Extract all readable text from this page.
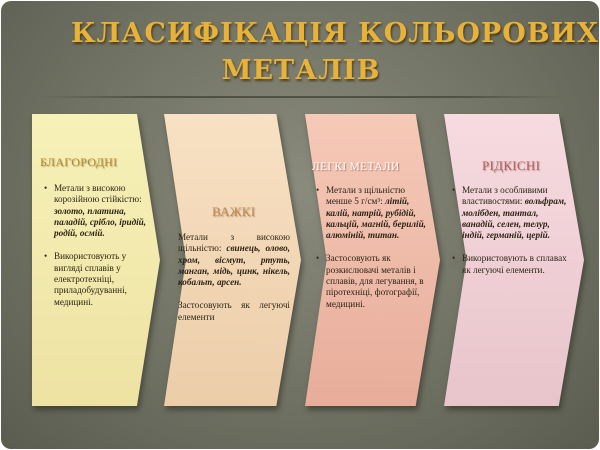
КЛАСИФІКАЦІЯ КОЛЬОРОВИХ
МЕТАЛІВ
БЛАГОРОДНІ
• Метали з високою корозійною стійкістю: золото, платина, паладій, срібло, іридій, родій, осмій.
• Використовують у вигляді сплавів у електротехніці, приладобудуванні, медицині.
ВАЖКІ

Метали з високою щільністю: свинець, олово, хром, вісмут, ртуть, манган, мідь, цинк, нікель, кобальт, арсен.

Застосовують як легуючі елементи

ЛЕГКІ МЕТАЛИ
• Метали з щільністю менше 5 г/см³: літій, калій, натрій, рубідій, кальцій, магній, берилій, алюміній, титан.
• Застосовують як розкислювачі металів і сплавів, для легування, в піротехніці, фотографії, медицині.
РІДКІСНІ
• Метали з особливими властивостями: вольфрам, молібден, тантал, ванадій, селен, телур, індій, германій, церій.
• Використовують в сплавах як легуючі елементи.
